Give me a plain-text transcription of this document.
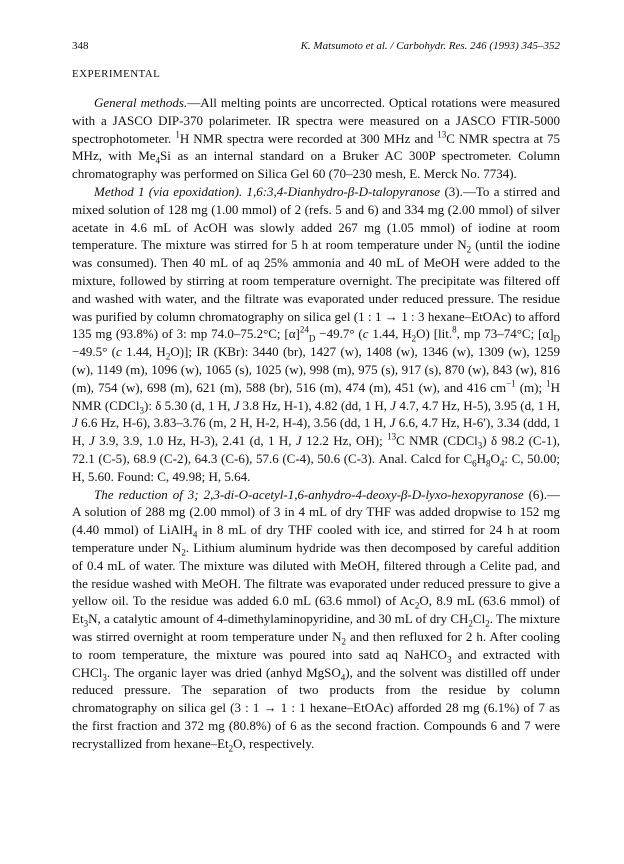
348	K. Matsumoto et al. / Carbohydr. Res. 246 (1993) 345–352
EXPERIMENTAL

General methods.—All melting points are uncorrected. Optical rotations were measured with a JASCO DIP-370 polarimeter. IR spectra were measured on a JASCO FTIR-5000 spectrophotometer. $^1$H NMR spectra were recorded at 300 MHz and $^{13}$C NMR spectra at 75 MHz, with $Me_4Si$ as an internal standard on a Bruker AC 300P spectrometer. Column chromatography was performed on Silica Gel 60 (70–230 mesh, E. Merck No. 7734).

Method 1 (via epoxidation). 1,6:3,4-Dianhydro-β-D-talopyranose (3).—To a stirred and mixed solution of 128 mg (1.00 mmol) of 2 (refs. 5 and 6) and 334 mg (2.00 mmol) of silver acetate in 4.6 mL of AcOH was slowly added 267 mg (1.05 mmol) of iodine at room temperature. The mixture was stirred for 5 h at room temperature under $N_2$ (until the iodine was consumed). Then 40 mL of aq 25% ammonia and 40 mL of MeOH were added to the mixture, followed by stirring at room temperature overnight. The precipitate was filtered off and washed with water, and the filtrate was evaporated under reduced pressure. The residue was purified by column chromatography on silica gel (1 : 1 → 1 : 3 hexane–EtOAc) to afford 135 mg (93.8%) of 3: mp 74.0–75.2°C; $[\alpha]^{24}_D -49.7^\circ$ (c 1.44, $H_2O$) [lit.$^8$, mp 73–74°C; $[\alpha]_D -49.5^\circ$ (c 1.44, $H_2O$)]; IR (KBr): 3440 (br), 1427 (w), 1408 (w), 1346 (w), 1309 (w), 1259 (w), 1149 (m), 1096 (w), 1065 (s), 1025 (w), 998 (m), 975 (s), 917 (s), 870 (w), 843 (w), 816 (m), 754 (w), 698 (m), 621 (m), 588 (br), 516 (m), 474 (m), 451 (w), and 416 $cm^{-1}$ (m); $^1$H NMR (CDCl$_3$): δ 5.30 (d, 1 H, J 3.8 Hz, H-1), 4.82 (dd, 1 H, J 4.7, 4.7 Hz, H-5), 3.95 (d, 1 H, J 6.6 Hz, H-6), 3.83–3.76 (m, 2 H, H-2, H-4), 3.56 (dd, 1 H, J 6.6, 4.7 Hz, H-6′), 3.34 (ddd, 1 H, J 3.9, 3.9, 1.0 Hz, H-3), 2.41 (d, 1 H, J 12.2 Hz, OH); $^{13}$C NMR (CDCl$_3$) δ 98.2 (C-1), 72.1 (C-5), 68.9 (C-2), 64.3 (C-6), 57.6 (C-4), 50.6 (C-3). Anal. Calcd for $C_6H_8O_4$: C, 50.00; H, 5.60. Found: C, 49.98; H, 5.64.

The reduction of 3; 2,3-di-O-acetyl-1,6-anhydro-4-deoxy-β-D-lyxo-hexopyranose (6).—A solution of 288 mg (2.00 mmol) of 3 in 4 mL of dry THF was added dropwise to 152 mg (4.40 mmol) of LiAlH$_4$ in 8 mL of dry THF cooled with ice, and stirred for 24 h at room temperature under $N_2$. Lithium aluminum hydride was then decomposed by careful addition of 0.4 mL of water. The mixture was diluted with MeOH, filtered through a Celite pad, and the residue washed with MeOH. The filtrate was evaporated under reduced pressure to give a yellow oil. To the residue was added 6.0 mL (63.6 mmol) of $Ac_2O$, 8.9 mL (63.6 mmol) of $Et_3N$, a catalytic amount of 4-dimethylaminopyridine, and 30 mL of dry $CH_2Cl_2$. The mixture was stirred overnight at room temperature under $N_2$ and then refluxed for 2 h. After cooling to room temperature, the mixture was poured into satd aq NaHCO$_3$ and extracted with CHCl$_3$. The organic layer was dried (anhyd MgSO$_4$), and the solvent was distilled off under reduced pressure. The separation of two products from the residue by column chromatography on silica gel (3 : 1 → 1 : 1 hexane–EtOAc) afforded 28 mg (6.1%) of 7 as the first fraction and 372 mg (80.8%) of 6 as the second fraction. Compounds 6 and 7 were recrystallized from hexane–$Et_2O$, respectively.
